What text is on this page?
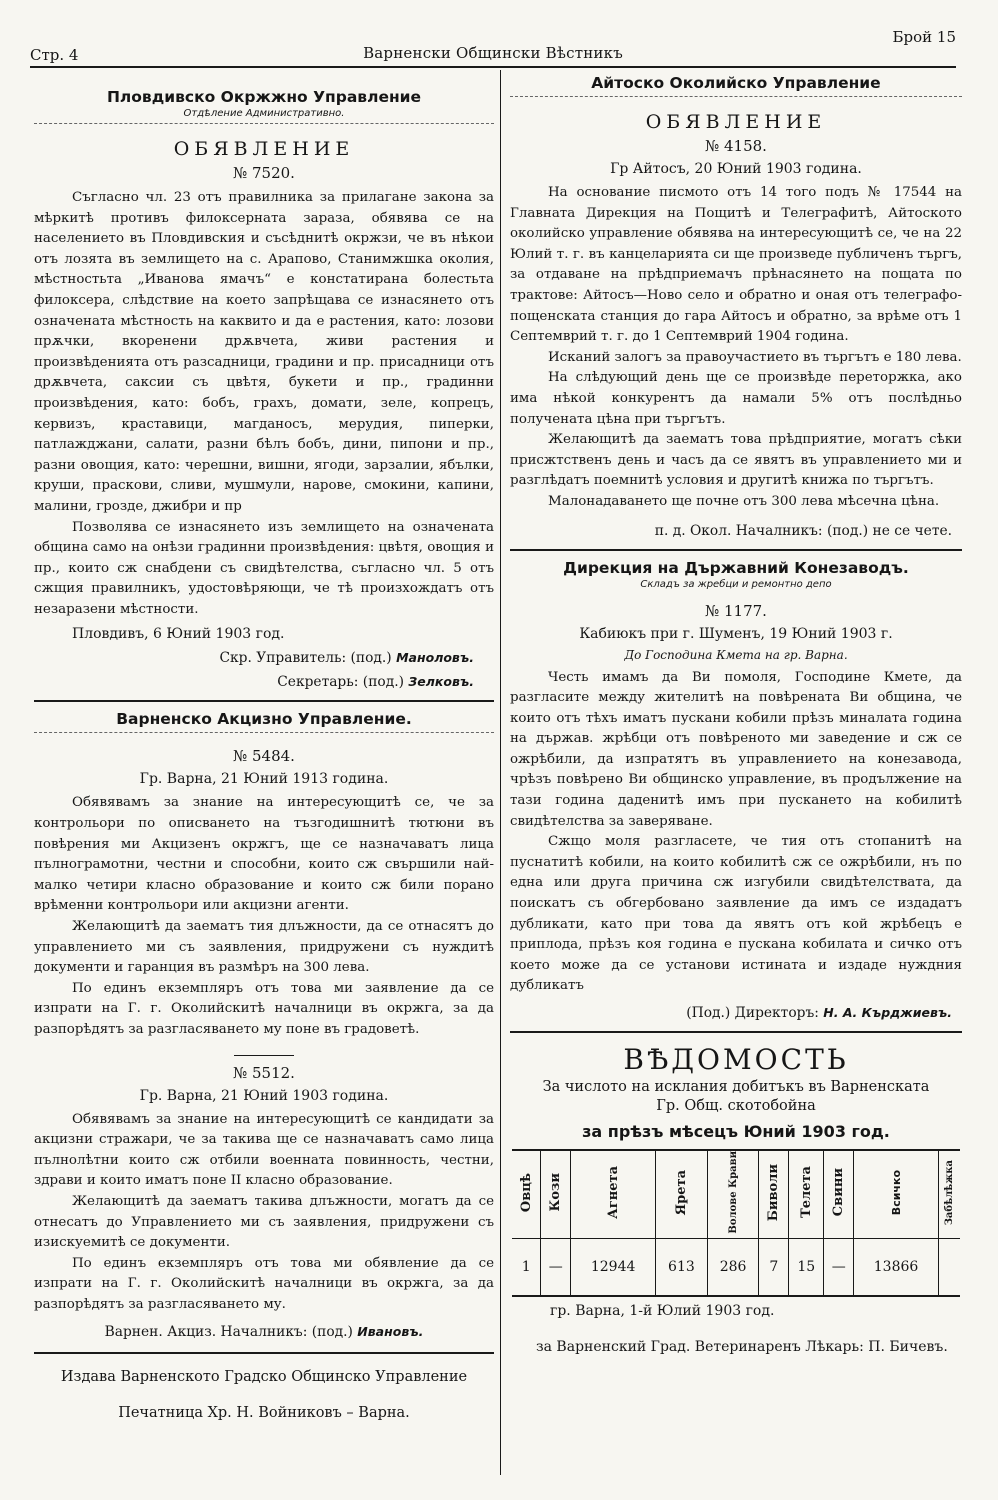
Стр. 4	Варненски Общински Вѣстникъ
Брой 15
Пловдивско Окржжно Управление
Отдѣление Административно.
ОБЯВЛЕНИЕ
№ 7520.

Съгласно чл. 23 отъ правилника за прилагане закона за мѣркитѣ противъ филоксерната зараза, обявява се на населението въ Пловдивския и съсѣднитѣ окржзи, че въ нѣкои отъ лозята въ землището на с. Арапово, Станимжшка околия, мѣстностьта „Иванова ямачъ“ е констатирана болестьта филоксера, слѣдствие на което запрѣщава се изнасянето отъ означената мѣстность на каквито и да е растения, като: лозови прѫчки, вкоренени дрѫвчета, живи растения и произвѣденията отъ разсадници, градини и пр. присадници отъ дрѫвчета, саксии съ цвѣтя, букети и пр., градинни произвѣдения, като: бобъ, грахъ, домати, зеле, копрецъ, кервизъ, краставици, магданосъ, мерудия, пиперки, патлажджани, салати, разни бѣлъ бобъ, дини, пипони и пр., разни овощия, като: черешни, вишни, ягоди, зарзалии, ябълки, круши, праскови, сливи, мушмули, нарове, смокини, капини, малини, грозде, джибри и пр

Позволява се изнасянето изъ землището на означената община само на онѣзи градинни произвѣдения: цвѣтя, овощия и пр., които сж снабдени съ свидѣтелства, съгласно чл. 5 отъ сжщия правилникъ, удостовѣряющи, че тѣ произхождатъ отъ незаразени мѣстности.

Пловдивъ, 6 Юний 1903 год.

Скр. Управитель: (под.) Маноловъ.
Секретарь: (под.) Зелковъ.
Варненско Акцизно Управление.
№ 5484.
Гр. Варна, 21 Юний 1913 година.

Обявявамъ за знание на интересующитѣ се, че за контрольори по описването на тъзгодишнитѣ тютюни въ повѣрения ми Акцизенъ окржгъ, ще се назначаватъ лица пълнограмотни, честни и способни, които сж свършили най-малко четири класно образование и които сж били порано врѣменни контрольори или акцизни агенти.

Желающитѣ да заематъ тия длъжности, да се отнасятъ до управлението ми съ заявления, придружени съ нуждитѣ документи и гаранция въ размѣръ на 300 лева.

По единъ екземпляръ отъ това ми заявление да се изпрати на Г. г. Околийскитѣ началници въ окржга, за да разпорѣдятъ за разгласяването му поне въ градоветѣ.

№ 5512.
Гр. Варна, 21 Юний 1903 година.

Обявявамъ за знание на интересующитѣ се кандидати за акцизни стражари, че за такива ще се назначаватъ само лица пълнолѣтни които сж отбили военната повинность, честни, здрави и които иматъ поне II класно образование.

Желающитѣ да заематъ такива длъжности, могатъ да се отнесатъ до Управлението ми съ заявления, придружени съ изискуемитѣ се документи.

По единъ екземпляръ отъ това ми обявление да се изпрати на Г. г. Околийскитѣ началници въ окржга, за да разпорѣдятъ за разгласяването му.

Варнен. Акциз. Началникъ: (под.) Ивановъ.
Издава Варненското Градско Общинско Управление
Печатница Хр. Н. Войниковъ – Варна.
Айтоско Околийско Управление
ОБЯВЛЕНИЕ
№ 4158.
Гр Айтосъ, 20 Юний 1903 година.

На основание писмото отъ 14 того подъ № 17544 на Главната Дирекция на Пощитѣ и Телеграфитѣ, Айтоското околийско управление обявява на интересующитѣ се, че на 22 Юлий т. г. въ канцеларията си ще произведе публиченъ търгъ, за отдаване на прѣдприемачъ прѣнасянето на пощата по трактове: Айтосъ—Ново село и обратно и оная отъ телеграфо-пощенската станция до гара Айтосъ и обратно, за врѣме отъ 1 Септемврий т. г. до 1 Септемврий 1904 година.

Исканий залогъ за правоучастието въ търгътъ е 180 лева.

На слѣдующий день ще се произвѣде переторжка, ако има нѣкой конкурентъ да намали 5% отъ послѣдньо получената цѣна при търгътъ.

Желающитѣ да заематъ това прѣдприятие, могатъ сѣки присжтственъ день и часъ да се явятъ въ управлението ми и разглѣдатъ поемнитѣ условия и другитѣ книжа по търгътъ.

Малонадаването ще почне отъ 300 лева мѣсечна цѣна.

п. д. Окол. Началникъ: (под.) не се чете.
Дирекция на Държавний Конезаводъ.
Складъ за жребци и ремонтно депо
№ 1177.
Кабиюкъ при г. Шуменъ, 19 Юний 1903 г.
До Господина Кмета на гр. Варна.

Честь имамъ да Ви помоля, Господине Кмете, да разгласите между жителитѣ на повѣрената Ви община, че които отъ тѣхъ иматъ пускани кобили прѣзъ миналата година на държав. жрѣбци отъ повѣреното ми заведение и сж се ожрѣбили, да изпратятъ въ управлението на конезавода, чрѣзъ повѣрено Ви общинско управление, въ продължение на тази година даденитѣ имъ при пускането на кобилитѣ свидѣтелства за заверяване.

Сжщо моля разгласете, че тия отъ стопанитѣ на пуснатитѣ кобили, на които кобилитѣ сж се ожрѣбили, нъ по една или друга причина сж изгубили свидѣтелствата, да поискатъ съ обгербовано заявление да имъ се издадатъ дубликати, като при това да явятъ отъ кой жрѣбецъ е приплода, прѣзъ коя година е пускана кобилата и сичко отъ което може да се установи истината и издаде нуждния дубликатъ

(Под.) Директоръ: Н. А. Кърджиевъ.
ВѢДОМОСТЬ
За числото на исклания добитъкъ въ Варненската
Гр. Общ. скотобойна
за прѣзъ мѣсецъ Юний 1903 год.
Овцѣ	Кози	Агнета	Ярета	Волове Крави	Биволи	Телета	Свини	Всичко	Забѣлѣжка
1	—	12944	613	286	7	15	—	13866	
гр. Варна, 1-й Юлий 1903 год.
за Варненский Град. Ветеринаренъ Лѣкарь: П. Бичевъ.
